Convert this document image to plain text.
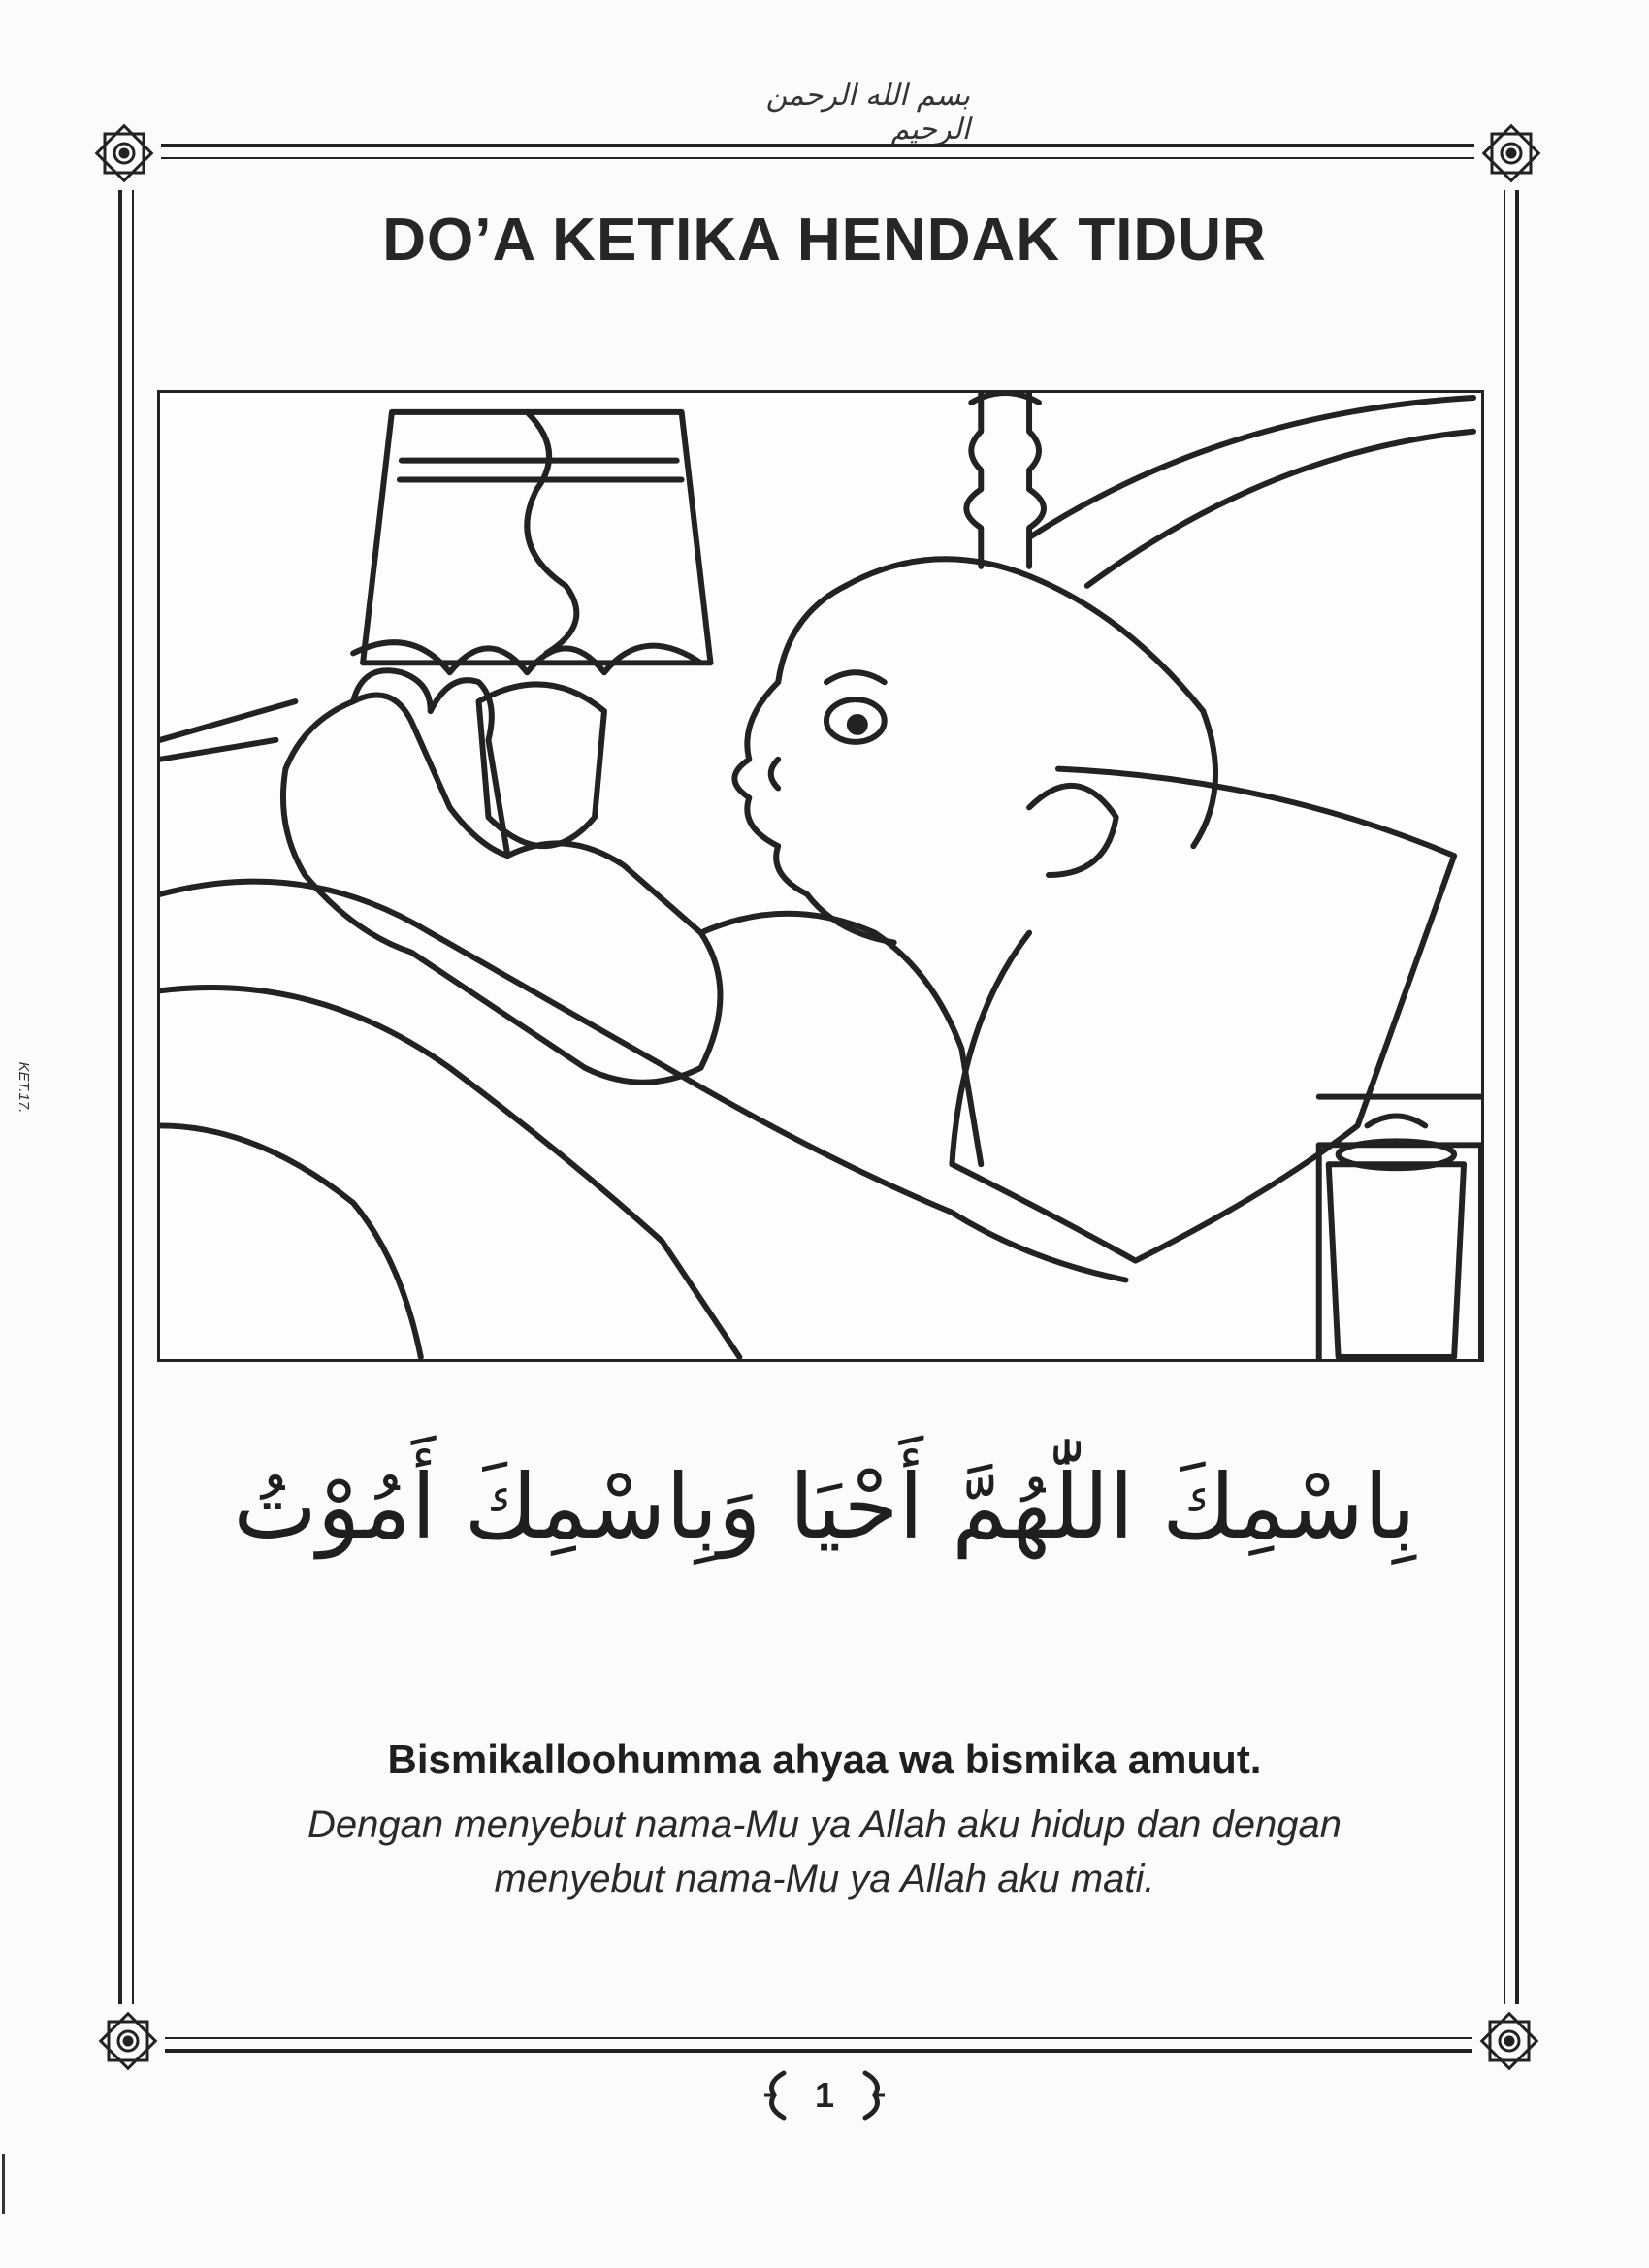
KET.17.
بسم الله الرحمن الرحيم
DO’A KETIKA HENDAK TIDUR
بِاسْمِكَ اللّٰهُمَّ أَحْيَا وَبِاسْمِكَ أَمُوْتُ
Bismikalloohumma ahyaa wa bismika amuut.
Dengan menyebut nama-Mu ya Allah aku hidup dan dengan
menyebut nama-Mu ya Allah aku mati.
1
